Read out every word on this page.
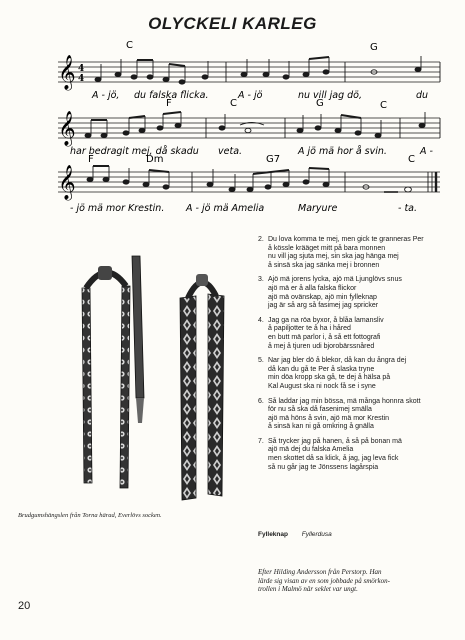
OLYCKELI KARLEG
𝄞 4
4
C	G
A - jö, du falska flicka.	A - jö	nu vill jag dö,	du
𝄞
F	C	G	C
har bedragit mej, då skadu veta.	A jö mä hor å svin.	A -
𝄞
F	Dm	G7	C
- jö mä mor Krestin. A - jö mä Amelia	Maryure	- ta.
2. Du lova komma te mej, men gick te granneras Per
å kössle krääget mitt på bara monnen
nu vill jag sjuta mej, sin ska jag hänga mej
å sinsä ska jag sänka mej i bronnen
3. Ajö mä jorens lycka, ajö mä Ljunglövs snus
ajö mä er å alla falska flickor
ajö mä ovänskap, ajö min fylleknap
jag är så arg så fasimej jag spricker
4. Jag ga na röa byxor, å blåa lamansliv
å papiljotter te å ha i håred
en butt mä parlor i, å så ett fottografi
å mej å tjuren udi bjorobärssnåred
5. Nar jag bler dö å blekor, då kan du ångra dej
då kan du gå te Per å slaska tryne
min döa kropp ska gå, te dej å hälsa på
Kal August ska ni nock få se i syne
6. Så laddar jag min bössa, mä många honnra skott
för nu så ska då fasenimej smälla
ajö mä höns å svin, ajö mä mor Krestin
å sinsä kan ni gå omkring å gnälla
7. Så trycker jag på hanen, å så på bonan mä
ajö mä dej du falska Amelia
men skottet då sa klick, å jag, jag leva fick
så nu går jag te Jönssens lagårspia
Brudgumshängslen från Torna härad, Everlövs socken.
Fylleknap Fyllerdusa
Efter Hilding Andersson från Perstorp. Han
lärde sig visan av en som jobbade på smörkon-
trollen i Malmö när seklet var ungt.
20
